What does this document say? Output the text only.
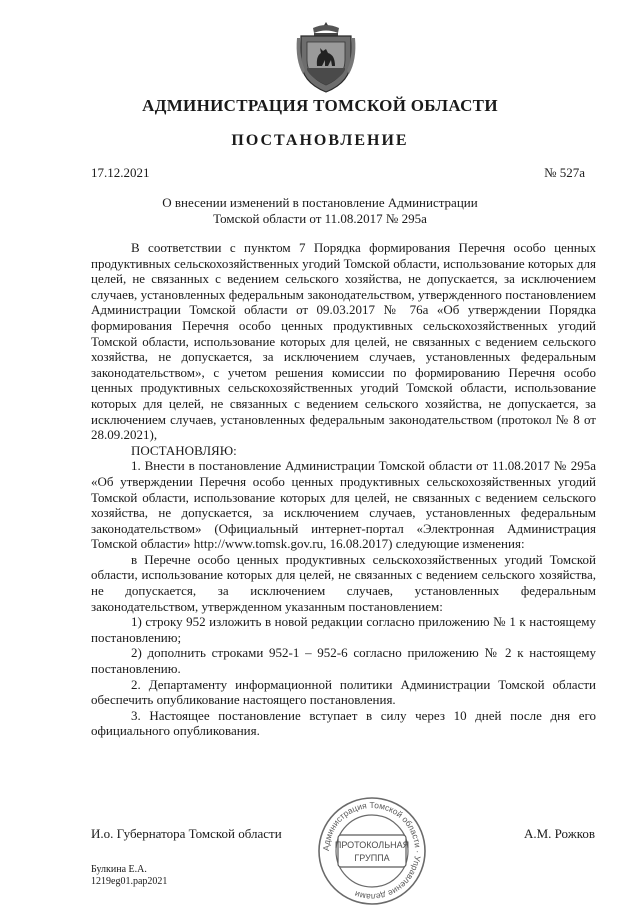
АДМИНИСТРАЦИЯ ТОМСКОЙ ОБЛАСТИ
ПОСТАНОВЛЕНИЕ
17.12.2021	№ 527а
О внесении изменений в постановление Администрации
Томской области от 11.08.2017 № 295а

В соответствии с пунктом 7 Порядка формирования Перечня особо ценных продуктивных сельскохозяйственных угодий Томской области, использование которых для целей, не связанных с ведением сельского хозяйства, не допускается, за исключением случаев, установленных федеральным законодательством, утвержденного постановлением Администрации Томской области от 09.03.2017 № 76а «Об утверждении Порядка формирования Перечня особо ценных продуктивных сельскохозяйственных угодий Томской области, использование которых для целей, не связанных с ведением сельского хозяйства, не допускается, за исключением случаев, установленных федеральным законодательством», с учетом решения комиссии по формированию Перечня особо ценных продуктивных сельскохозяйственных угодий Томской области, использование которых для целей, не связанных с ведением сельского хозяйства, не допускается, за исключением случаев, установленных федеральным законодательством (протокол № 8 от 28.09.2021),

ПОСТАНОВЛЯЮ:

1. Внести в постановление Администрации Томской области от 11.08.2017 № 295а «Об утверждении Перечня особо ценных продуктивных сельскохозяйственных угодий Томской области, использование которых для целей, не связанных с ведением сельского хозяйства, не допускается, за исключением случаев, установленных федеральным законодательством» (Официальный интернет-портал «Электронная Администрация Томской области» http://www.tomsk.gov.ru, 16.08.2017) следующие изменения:

в Перечне особо ценных продуктивных сельскохозяйственных угодий Томской области, использование которых для целей, не связанных с ведением сельского хозяйства, не допускается, за исключением случаев, установленных федеральным законодательством, утвержденном указанным постановлением:

1) строку 952 изложить в новой редакции согласно приложению № 1 к настоящему постановлению;

2) дополнить строками 952-1 – 952-6 согласно приложению № 2 к настоящему постановлению.

2. Департаменту информационной политики Администрации Томской области обеспечить опубликование настоящего постановления.

3. Настоящее постановление вступает в силу через 10 дней после дня его официального опубликования.

И.о. Губернатора Томской области	А.М. Рожков
Администрация Томской области · Управление делами
ПРОТОКОЛЬНАЯ
ГРУППА
Булкина Е.А.
1219eg01.pap2021
